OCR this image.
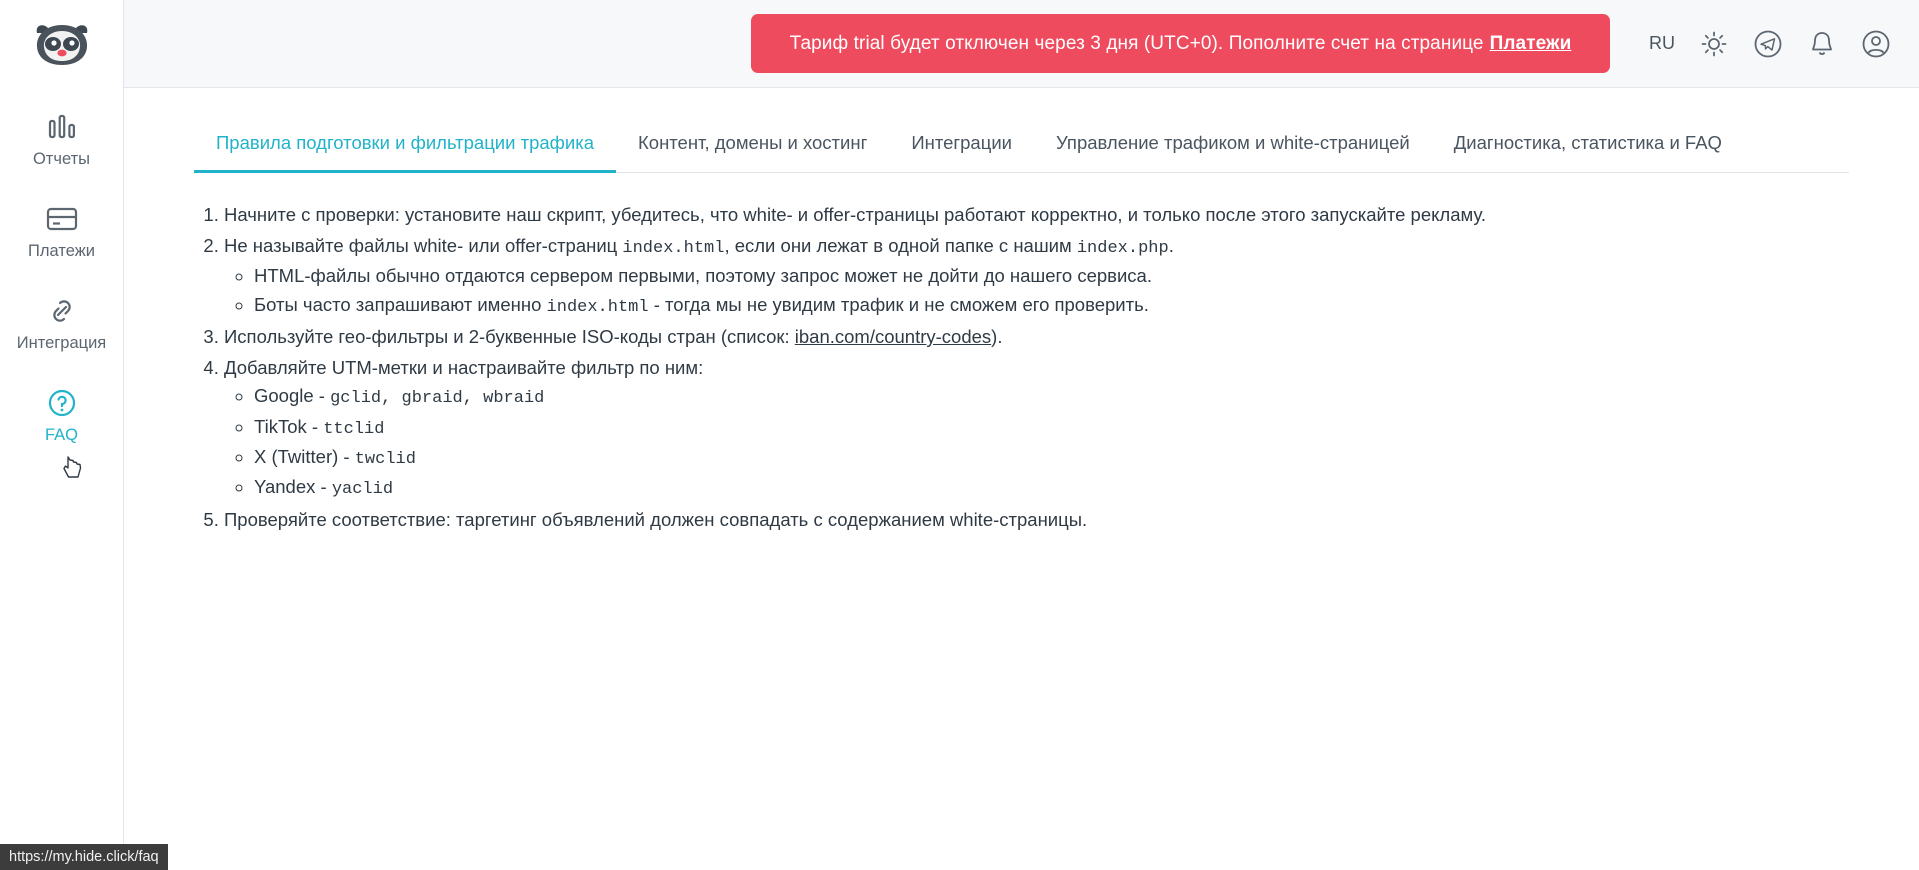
Отчеты
Платежи
Интеграция
FAQ
Тариф trial будет отключен через 3 дня (UTC+0). Пополните счет на странице Платежи	RU
Правила подготовки и фильтрации трафика	Контент, домены и хостинг	Интеграции	Управление трафиком и white-страницей	Диагностика, статистика и FAQ
1. Начните с проверки: установите наш скрипт, убедитесь, что white- и offer-страницы работают корректно, и только после этого запускайте рекламу.
2. Не называйте файлы white- или offer-страниц index.html, если они лежат в одной папке с нашим index.php.
◦ HTML-файлы обычно отдаются сервером первыми, поэтому запрос может не дойти до нашего сервиса.
◦ Боты часто запрашивают именно index.html - тогда мы не увидим трафик и не сможем его проверить.
3. Используйте гео-фильтры и 2-буквенные ISO-коды стран (список: iban.com/country-codes).
4. Добавляйте UTM-метки и настраивайте фильтр по ним:
◦ Google - gclid, gbraid, wbraid
◦ TikTok - ttclid
◦ X (Twitter) - twclid
◦ Yandex - yaclid
5. Проверяйте соответствие: таргетинг объявлений должен совпадать с содержанием white-страницы.
https://my.hide.click/faq
